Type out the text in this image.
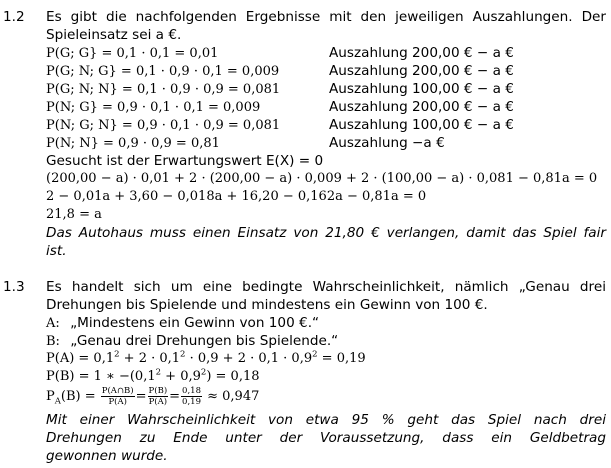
1.2 Es gibt die nachfolgenden Ergebnisse mit den jeweiligen Auszahlungen. Der
Spieleinsatz sei a €.
P(G; G} = 0,1 · 0,1 = 0,01	Auszahlung 200,00 € − a €
P(G; N; G} = 0,1 · 0,9 · 0,1 = 0,009	Auszahlung 200,00 € − a €
P(G; N; N} = 0,1 · 0,9 · 0,9 = 0,081	Auszahlung 100,00 € − a €
P(N; G} = 0,9 · 0,1 · 0,1 = 0,009	Auszahlung 200,00 € − a €
P(N; G; N} = 0,9 · 0,1 · 0,9 = 0,081	Auszahlung 100,00 € − a €
P(N; N} = 0,9 · 0,9 = 0,81	Auszahlung −a €
Gesucht ist der Erwartungswert E(X) = 0
(200,00 − a) · 0,01 + 2 · (200,00 − a) · 0,009 + 2 · (100,00 − a) · 0,081 − 0,81a = 0
2 − 0,01a + 3,60 − 0,018a + 16,20 − 0,162a − 0,81a = 0
21,8 = a
Das Autohaus muss einen Einsatz von 21,80 € verlangen, damit das Spiel fair
ist.
1.3 Es handelt sich um eine bedingte Wahrscheinlichkeit, nämlich „Genau drei
Drehungen bis Spielende und mindestens ein Gewinn von 100 €.
A: „Mindestens ein Gewinn von 100 €.“
B: „Genau drei Drehungen bis Spielende.“
$P(A) = 0,1^2 + 2 \cdot 0,1^2 \cdot 0,9 + 2 \cdot 0,1 \cdot 0,9^2 = 0,19$
P(B) = 1 ∗ $-(0,1^2 + 0,9^2) = 0,18$
$P_A(B) = \frac{P(A\cap B)}{P(A)} = \frac{P(B)}{P(A)} = \frac{0,18}{0,19} \approx 0,947$
Mit einer Wahrscheinlichkeit von etwa 95 % geht das Spiel nach drei
Drehungen zu Ende unter der Voraussetzung, dass ein Geldbetrag
gewonnen wurde.
